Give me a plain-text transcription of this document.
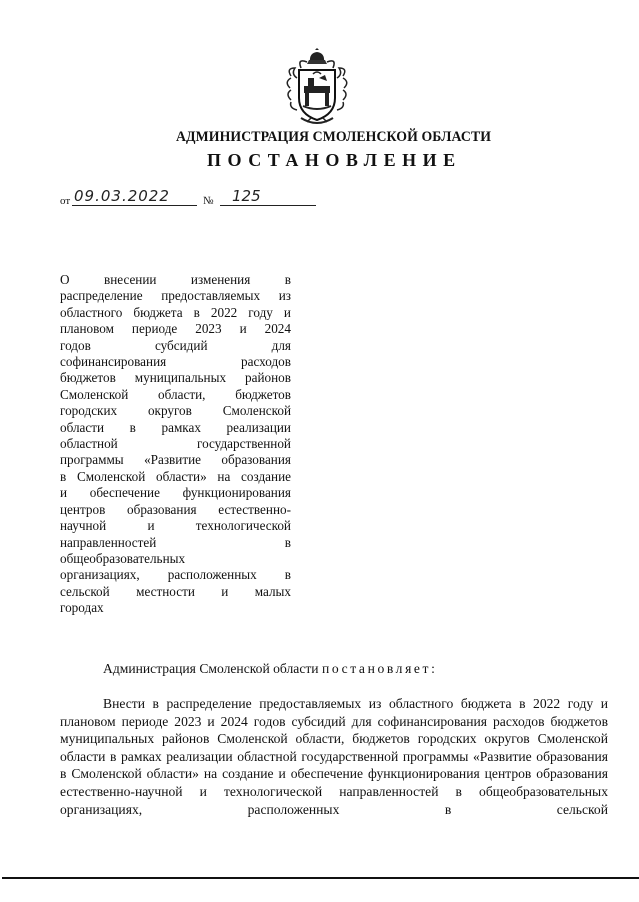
АДМИНИСТРАЦИЯ СМОЛЕНСКОЙ ОБЛАСТИ
ПОСТАНОВЛЕНИЕ
от 09.03.2022	№ 125
О внесении изменения в
распределение предоставляемых из
областного бюджета в 2022 году и
плановом периоде 2023 и 2024
годов субсидий для
софинансирования расходов
бюджетов муниципальных районов
Смоленской области, бюджетов
городских округов Смоленской
области в рамках реализации
областной государственной
программы «Развитие образования
в Смоленской области» на создание
и обеспечение функционирования
центров образования естественно-
научной и технологической
направленностей в
общеобразовательных
организациях, расположенных в
сельской местности и малых
городах

Администрация Смоленской области постановляет:

Внести в распределение предоставляемых из областного бюджета в 2022 году и плановом периоде 2023 и 2024 годов субсидий для софинансирования расходов бюджетов муниципальных районов Смоленской области, бюджетов городских округов Смоленской области в рамках реализации областной государственной программы «Развитие образования в Смоленской области» на создание и обеспечение функционирования центров образования естественно-научной и технологической направленностей в общеобразовательных организациях, расположенных в сельской
